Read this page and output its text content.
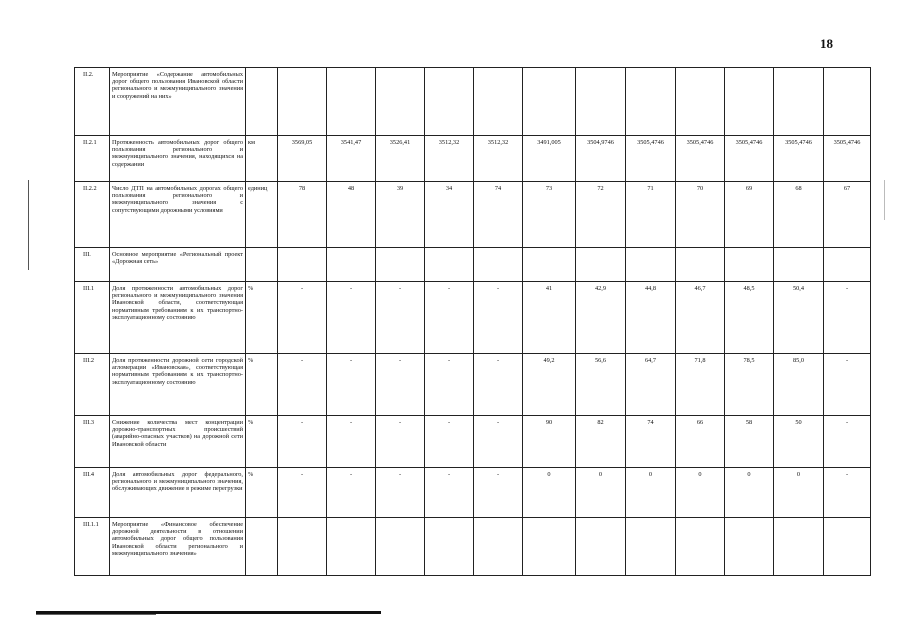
18
II.2.	Мероприятие «Содержание автомобильных дорог общего пользования Ивановской области регионального и межмуниципального значения и сооружений на них»													
II.2.1	Протяженность автомобильных дорог общего пользования регионального и межмуниципального значения, находящихся на содержании	км	3569,05	3541,47	3526,41	3512,32	3512,32	3491,005	3504,9746	3505,4746	3505,4746	3505,4746	3505,4746	3505,4746
II.2.2	Число ДТП на автомобильных дорогах общего пользования регионального и межмуниципального значения с сопутствующими дорожными условиями	единиц	78	48	39	34	74	73	72	71	70	69	68	67
III.	Основное мероприятие «Региональный проект «Дорожная сеть»													
III.1	Доля протяженности автомобильных дорог регионального и межмуниципального значения Ивановской области, соответствующая нормативным требованиям к их транспортно-эксплуатационному состоянию	%	-	-	-	-	-	41	42,9	44,8	46,7	48,5	50,4	-
III.2	Доля протяженности дорожной сети городской агломерации «Ивановская», соответствующая нормативным требованиям к их транспортно-эксплуатационному состоянию	%	-	-	-	-	-	49,2	56,6	64,7	71,8	78,5	85,0	-
III.3	Снижение количества мест концентрации дорожно-транспортных происшествий (аварийно-опасных участков) на дорожной сети Ивановской области	%	-	-	-	-	-	90	82	74	66	58	50	-
III.4	Доля автомобильных дорог федерального, регионального и межмуниципального значения, обслуживающих движение в режиме перегрузки	%	-	-	-	-	-	0	0	0	0	0	0	-
III.1.1	Мероприятие «Финансовое обеспечение дорожной деятельности в отношении автомобильных дорог общего пользования Ивановской области регионального и межмуниципального значения»													
